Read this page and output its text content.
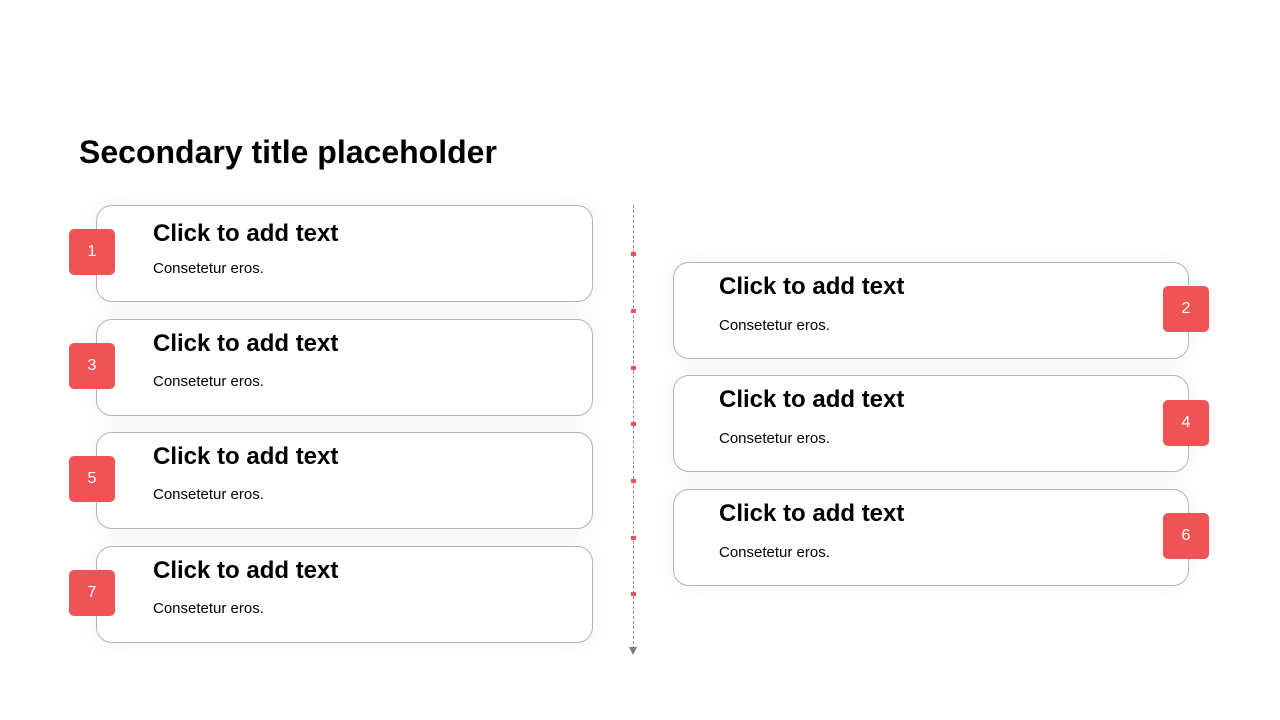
Secondary title placeholder
Click to add text
Consetetur eros.
Click to add text
Consetetur eros.
Click to add text
Consetetur eros.
Click to add text
Consetetur eros.
Click to add text
Consetetur eros.
Click to add text
Consetetur eros.
Click to add text
Consetetur eros.
1
3
5
7
2
4
6
